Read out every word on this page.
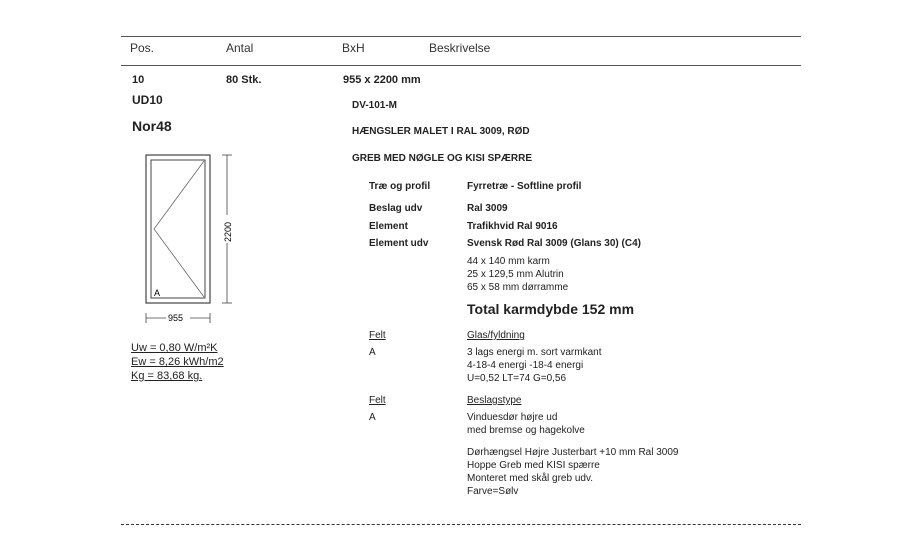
Pos.	Antal	BxH	Beskrivelse
10	80 Stk.	955 x 2200 mm
UD10
Nor48
DV-101-M
HÆNGSLER MALET I RAL 3009, RØD
GREB MED NØGLE OG KISI SPÆRRE
A
2200
955
Uw = 0,80 W/m²K
Ew = 8,26 kWh/m2
Kg = 83,68 kg.
Træ og profil	Fyrretræ - Softline profil
Beslag udv	Ral 3009
Element	Trafikhvid Ral 9016
Element udv	Svensk Rød Ral 3009 (Glans 30) (C4)
44 x 140 mm karm
25 x 129,5 mm Alutrin
65 x 58 mm dørramme
Total karmdybde 152 mm
Felt	Glas/fyldning
A	3 lags energi m. sort varmkant
4-18-4 energi -18-4 energi
U=0,52 LT=74 G=0,56
Felt	Beslagstype
A	Vinduesdør højre ud
med bremse og hagekolve
Dørhængsel Højre Justerbart +10 mm Ral 3009
Hoppe Greb med KISI spærre
Monteret med skål greb udv.
Farve=Sølv
